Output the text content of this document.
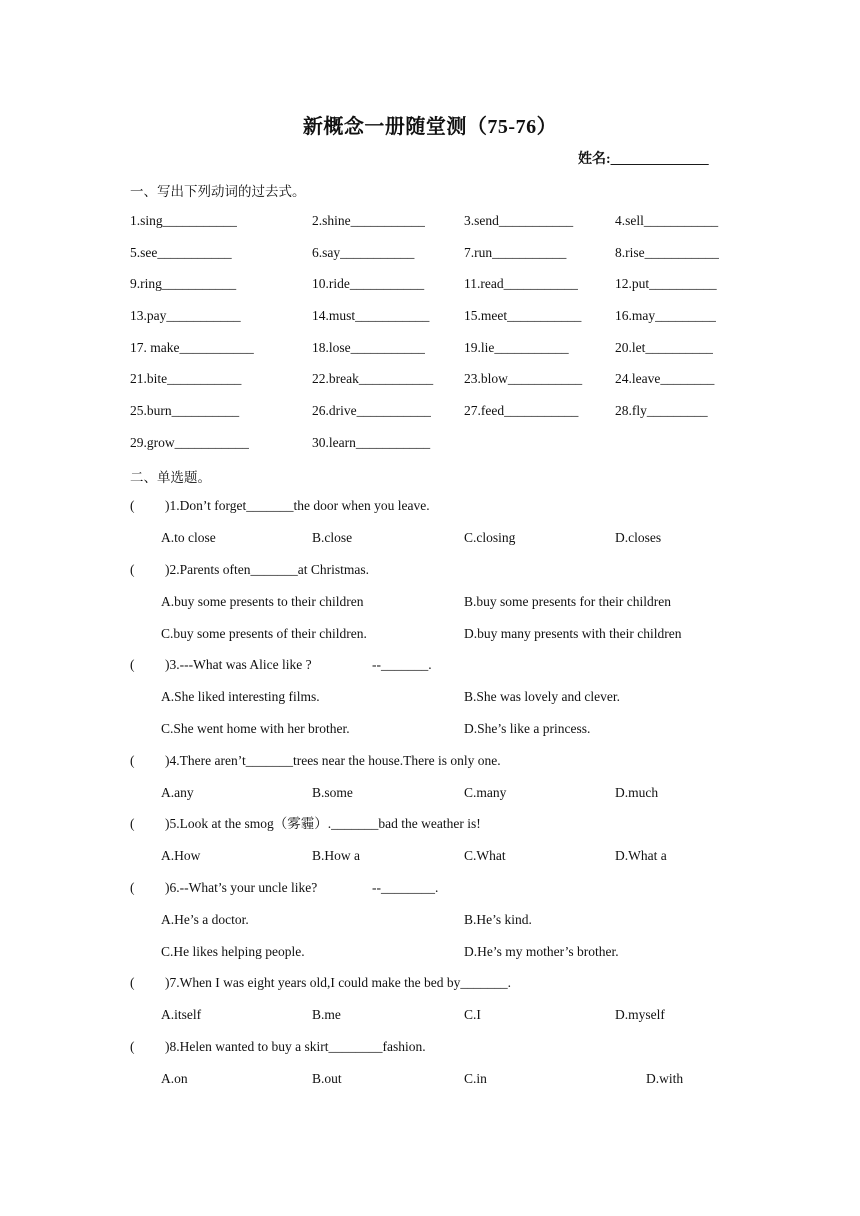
新概念一册随堂测（75-76）
姓名:______________
一、写出下列动词的过去式。
1.sing___________	2.shine___________	3.send___________	4.sell___________
5.see___________	6.say___________	7.run___________	8.rise___________
9.ring___________	10.ride___________	11.read___________	12.put__________
13.pay___________	14.must___________	15.meet___________ 16.may_________
17. make___________	18.lose___________	19.lie___________	20.let__________
21.bite___________	22.break___________ 23.blow___________ 24.leave________
25.burn__________	26.drive___________ 27.feed___________	28.fly_________
29.grow___________	30.learn___________
二、单选题。
( )1.Don’t forget_______the door when you leave.
A.to close	B.close	C.closing	D.closes
( )2.Parents often_______at Christmas.
A.buy some presents to their children	B.buy some presents for their children
C.buy some presents of their children.	D.buy many presents with their children
( )3.---What was Alice like ?	--_______.
A.She liked interesting films.	B.She was lovely and clever.
C.She went home with her brother.	D.She’s like a princess.
( )4.There aren’t_______trees near the house.There is only one.
A.any	B.some	C.many	D.much
( )5.Look at the smog（雾霾）._______bad the weather is!
A.How	B.How a	C.What	D.What a
( )6.--What’s your uncle like?	--________.
A.He’s a doctor.	B.He’s kind.
C.He likes helping people.	D.He’s my mother’s brother.
( )7.When I was eight years old,I could make the bed by_______.
A.itself	B.me	C.I	D.myself
( )8.Helen wanted to buy a skirt________fashion.
A.on	B.out	C.in	D.with
